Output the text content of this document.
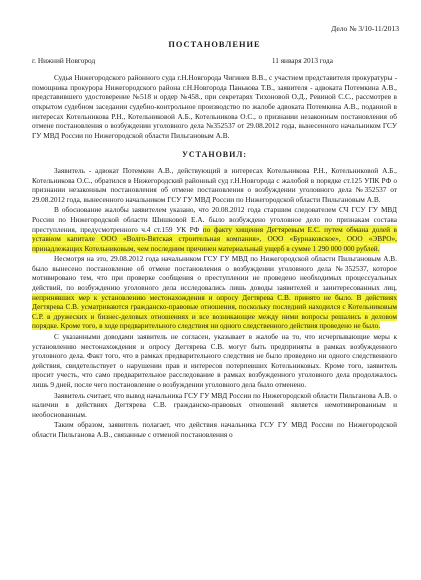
Дело № 3/10-11/2013
ПОСТАНОВЛЕНИЕ
г. Нижний Новгород	11 января 2013 года

Судья Нижегородского районного суда г.Н.Новгорода Чигинев В.В., с участием представителя прокуратуры - помощника прокурора Нижегородского района г.Н.Новгорода Панькова Т.В., заявителя - адвоката Потемкина А.В., представившего удостоверение №518 и ордер №458., при секретарях Тихоновой О.Д., Ревиной С.С., рассмотрев в открытом судебном заседании судебно-контрольное производство по жалобе адвоката Потемкина А.В., поданной в интересах Котельникова Р.Н., Котельниковой А.Б., Котельникова О.С., о признании незаконным постановления об отмене постановления о возбуждении уголовного дела №352537 от 29.08.2012 года, вынесенного начальником ГСУ ГУ МВД России по Нижегородской области Пильгановым А.В.

УСТАНОВИЛ:

Заявитель - адвокат Потемкин А.В., действующий в интересах Котельникова Р.Н., Котельниковой А.Б., Котельникова О.С., обратился в Нижегородский районный суд г.Н.Новгорода с жалобой в порядке ст.125 УПК РФ о признании незаконным постановления об отмене постановления о возбуждении уголовного дела №352537 от 29.08.2012 года, вынесенного начальником ГСУ ГУ МВД России по Нижегородской области Пильгановым А.В.

В обоснование жалобы заявителем указано, что 20.08.2012 года старшим следователем СЧ ГСУ ГУ МВД России по Нижегородской области Шишковой Е.А. было возбуждено уголовное дело по признакам состава преступления, предусмотренного ч.4 ст.159 УК РФ по факту хищения Дегтяревым Е.С. путем обмана долей в уставном капитале ООО «Волго-Вятская строительная компания», ООО «Бурнаковское», ООО «ЭВРО», принадлежащих Котельниковым, чем последним причинен материальный ущерб в сумме 1 290 000 000 рублей.

Несмотря на это, 29.08.2012 года начальником ГСУ ГУ МВД по Нижегородской области Пильгановым А.В. было вынесено постановление об отмене постановления о возбуждении уголовного дела №352537, которое мотивировано тем, что при проверке сообщения о преступлении не проведено необходимых процессуальных действий, по возбуждению уголовного дела исследовались лишь доводы заявителей и заинтересованных лиц, непринявших мер к установлению местонахождения и опросу Дегтярева С.В. принято не было. В действиях Дегтярева С.В. усматриваются гражданско-правовые отношения, поскольку последний находился с Котельниковым С.Р. в дружеских и бизнес-деловых отношениях и все возникающие между ними вопросы решались в деловом порядке. Кроме того, в ходе предварительного следствия ни одного следственного действия проведено не было.

С указанными доводами заявитель не согласен, указывает в жалобе на то, что исчерпывающие меры к установлению местонахождения и опросу Дегтярева С.В. могут быть предприняты в рамках возбужденного уголовного дела. Факт того, что в рамках предварительного следствия не было проведено ни одного следственного действия, свидетельствует о нарушении прав и интересов потерпевших Котельниковых. Кроме того, заявитель просит учесть, что само предварительное расследование в рамках возбужденного уголовного дела продолжалось лишь 9 дней, после чего постановление о возбуждении уголовного дела было отменено.

Заявитель считает, что вывод начальника ГСУ ГУ МВД России по Нижегородской области Пильганова А.В. о наличии в действиях Дегтярева С.В. гражданско-правовых отношений является немотивированным и необоснованным.

Таким образом, заявитель полагает, что действия начальника ГСУ ГУ МВД России по Нижегородской области Пильганова А.В., связанные с отменой постановления о
